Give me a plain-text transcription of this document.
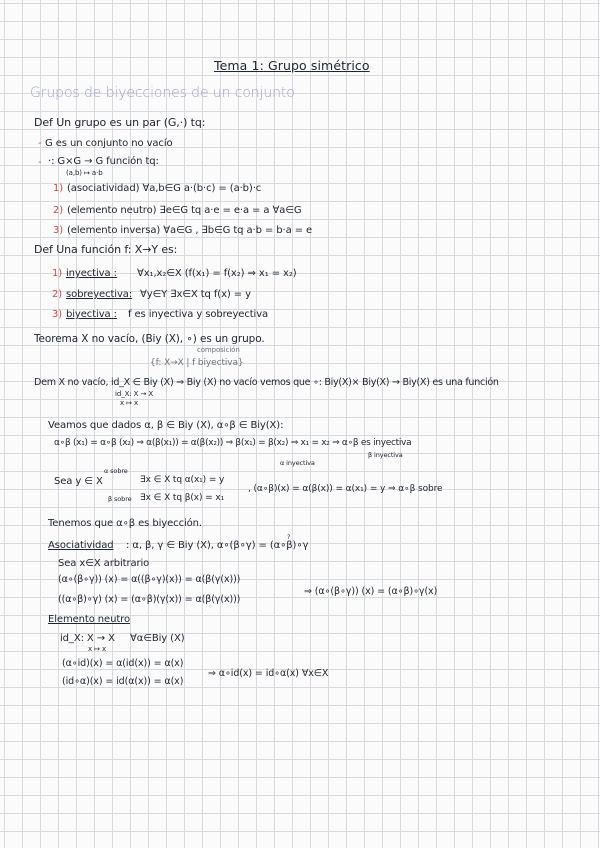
Tema 1: Grupo simétrico
Grupos de biyecciones de un conjunto
Def Un grupo es un par (G,·) tq:
- G es un conjunto no vacío
- ·: G×G → G función tq:
(a,b) ↦ a·b
1) (asociatividad) ∀a,b∈G a·(b·c) = (a·b)·c
2) (elemento neutro) ∃e∈G tq a·e = e·a = a ∀a∈G
3) (elemento inversa) ∀a∈G , ∃b∈G tq a·b = b·a = e
Def Una función f: X→Y es:
1) inyectiva : ∀x₁,x₂∈X (f(x₁) = f(x₂) ⇒ x₁ = x₂)
2) sobreyectiva: ∀y∈Y ∃x∈X tq f(x) = y
3) biyectiva : f es inyectiva y sobreyectiva
Teorema X no vacío, (Biy (X), ∘) es un grupo.
composición
{f: X→X | f biyectiva}
Dem X no vacío, id_X ∈ Biy (X) ⇒ Biy (X) no vacío vemos que ∘: Biy(X)× Biy(X) → Biy(X) es una función
id_X: X → X
x ↦ x
Veamos que dados α, β ∈ Biy (X), α∘β ∈ Biy(X):
α∘β (x₁) = α∘β (x₂) ⇒ α(β(x₁)) = α(β(x₂)) ⇒ β(x₁) = β(x₂) ⇒ x₁ = x₂ ⇒ α∘β es inyectiva
α inyectiva
β inyectiva
Sea y ∈ X
α sobre
β sobre
∃x ∈ X tq α(x₁) = y
∃x ∈ X tq β(x) = x₁
, (α∘β)(x) = α(β(x)) = α(x₁) = y ⇒ α∘β sobre
Tenemos que α∘β es biyección.
Asociatividad : α, β, γ ∈ Biy (X), α∘(β∘γ) = (α∘β)∘γ
?
Sea x∈X arbitrario
(α∘(β∘γ)) (x) = α((β∘γ)(x)) = α(β(γ(x)))
((α∘β)∘γ) (x) = (α∘β)(γ(x)) = α(β(γ(x)))
⇒ (α∘(β∘γ)) (x) = (α∘β)∘γ(x)
Elemento neutro
id_X: X → X
x ↦ x
∀α∈Biy (X)
(α∘id)(x) = α(id(x)) = α(x)
(id∘α)(x) = id(α(x)) = α(x)
⇒ α∘id(x) = id∘α(x) ∀x∈X
